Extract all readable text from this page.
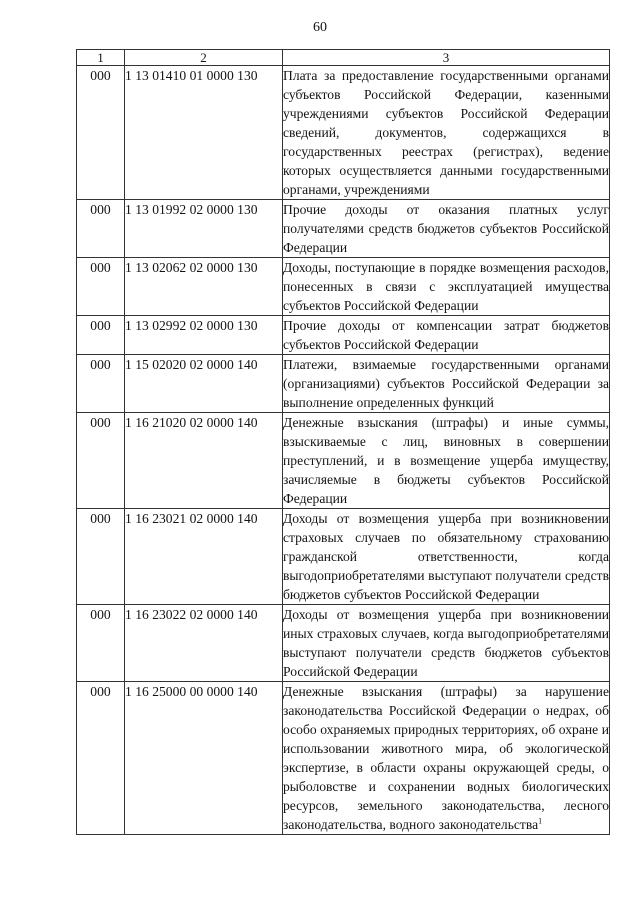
60
1	2	3
000	1 13 01410 01 0000 130	Плата за предоставление государственными органами субъектов Российской Федерации, казенными учреждениями субъектов Российской Федерации сведений, документов, содержащихся в государственных реестрах (регистрах), ведение которых осуществляется данными государственными органами, учреждениями
000	1 13 01992 02 0000 130	Прочие доходы от оказания платных услуг получателями средств бюджетов субъектов Российской Федерации
000	1 13 02062 02 0000 130	Доходы, поступающие в порядке возмещения расходов, понесенных в связи с эксплуатацией имущества субъектов Российской Федерации
000	1 13 02992 02 0000 130	Прочие доходы от компенсации затрат бюджетов субъектов Российской Федерации
000	1 15 02020 02 0000 140	Платежи, взимаемые государственными органами (организациями) субъектов Российской Федерации за выполнение определенных функций
000	1 16 21020 02 0000 140	Денежные взыскания (штрафы) и иные суммы, взыскиваемые с лиц, виновных в совершении преступлений, и в возмещение ущерба имуществу, зачисляемые в бюджеты субъектов Российской Федерации
000	1 16 23021 02 0000 140	Доходы от возмещения ущерба при возникновении страховых случаев по обязательному страхованию гражданской ответственности, когда выгодоприобретателями выступают получатели средств бюджетов субъектов Российской Федерации
000	1 16 23022 02 0000 140	Доходы от возмещения ущерба при возникновении иных страховых случаев, когда выгодоприобретателями выступают получатели средств бюджетов субъектов Российской Федерации
000	1 16 25000 00 0000 140	Денежные взыскания (штрафы) за нарушение законодательства Российской Федерации о недрах, об особо охраняемых природных территориях, об охране и использовании животного мира, об экологической экспертизе, в области охраны окружающей среды, о рыболовстве и сохранении водных биологических ресурсов, земельного законодательства, лесного законодательства, водного законодательства$^1$
